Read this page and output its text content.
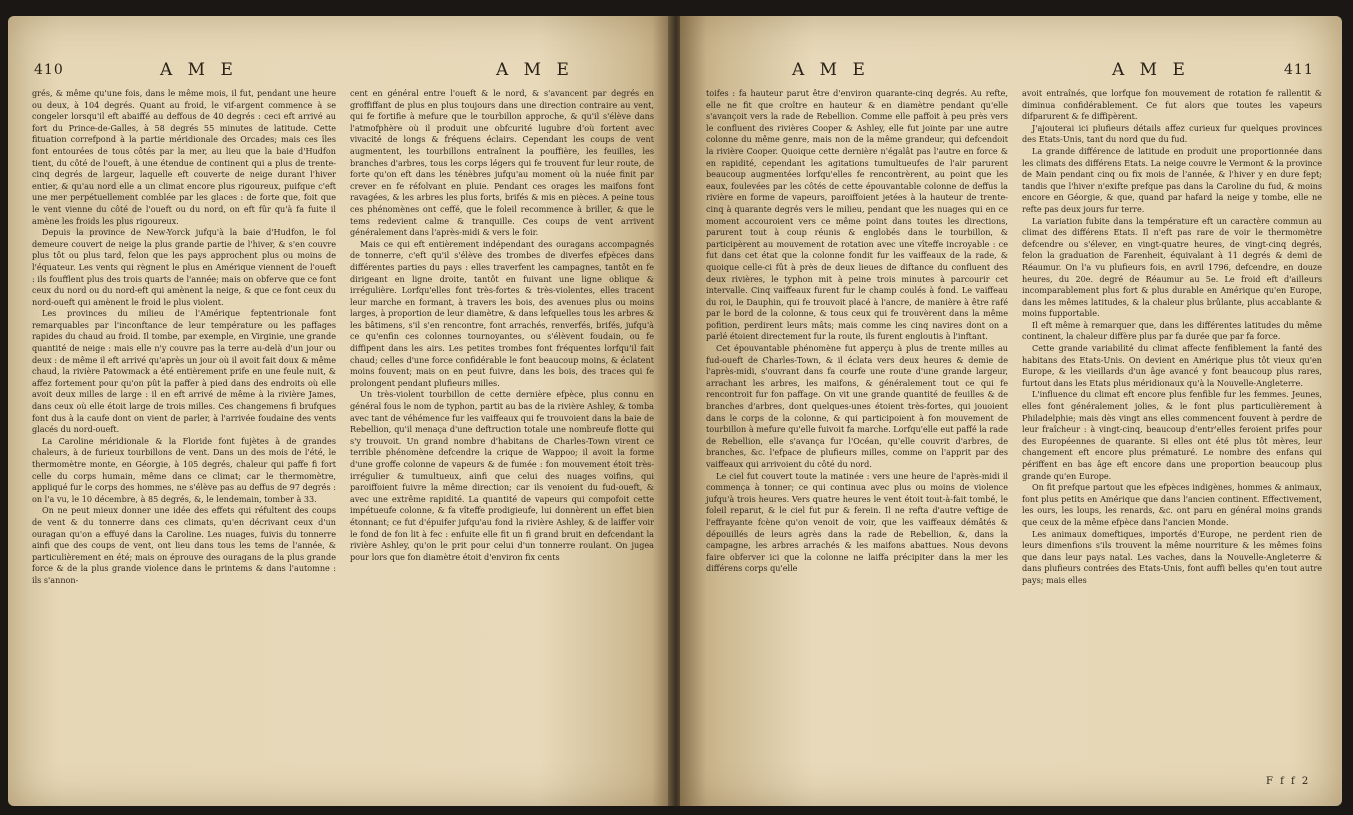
410	A M E	A M E

grés, & même qu'une fois, dans le même mois, il fut, pendant une heure ou deux, à 104 degrés. Quant au froid, le vif-argent commence à se congeler lorsqu'il eft abaiffé au deffous de 40 degrés : ceci eft arrivé au fort du Prince-de-Galles, à 58 degrés 55 minutes de latitude. Cette fituation correfpond à la partie méridionale des Orcades; mais ces îles font entourées de tous côtés par la mer, au lieu que la baie d'Hudfon tient, du côté de l'oueft, à une étendue de continent qui a plus de trente-cinq degrés de largeur, laquelle eft couverte de neige durant l'hiver entier, & qu'au nord elle a un climat encore plus rigoureux, puifque c'eft une mer perpétuellement comblée par les glaces : de forte que, foit que le vent vienne du côté de l'oueft ou du nord, on eft fûr qu'à fa fuite il amène les froids les plus rigoureux.

Depuis la province de New-Yorck jufqu'à la baie d'Hudfon, le fol demeure couvert de neige la plus grande partie de l'hiver, & s'en couvre plus tôt ou plus tard, felon que les pays approchent plus ou moins de l'équateur. Les vents qui règnent le plus en Amérique viennent de l'oueft : ils foufflent plus des trois quarts de l'année; mais on obferve que ce font ceux du nord ou du nord-eft qui amènent la neige, & que ce font ceux du nord-oueft qui amènent le froid le plus violent.

Les provinces du milieu de l'Amérique feptentrionale font remarquables par l'inconftance de leur température ou les paffages rapides du chaud au froid. Il tombe, par exemple, en Virginie, une grande quantité de neige : mais elle n'y couvre pas la terre au-delà d'un jour ou deux : de même il eft arrivé qu'après un jour où il avoit fait doux & même chaud, la rivière Patowmack a été entièrement prife en une feule nuit, & affez fortement pour qu'on pût la paffer à pied dans des endroits où elle avoit deux milles de large : il en eft arrivé de même à la rivière James, dans ceux où elle étoit large de trois milles. Ces changemens fi brufques font dus à la caufe dont on vient de parler, à l'arrivée foudaine des vents glacés du nord-oueft.

La Caroline méridionale & la Floride font fujètes à de grandes chaleurs, à de furieux tourbillons de vent. Dans un des mois de l'été, le thermomètre monte, en Géorgie, à 105 degrés, chaleur qui paffe fi fort celle du corps humain, même dans ce climat; car le thermomètre, appliqué fur le corps des hommes, ne s'élève pas au deffus de 97 degrés : on l'a vu, le 10 décembre, à 85 degrés, &, le lendemain, tomber à 33.

On ne peut mieux donner une idée des effets qui réfultent des coups de vent & du tonnerre dans ces climats, qu'en décrivant ceux d'un ouragan qu'on a effuyé dans la Caroline. Les nuages, fuivis du tonnerre ainfi que des coups de vent, ont lieu dans tous les tems de l'année, & particulièrement en été; mais on éprouve des ouragans de la plus grande force & de la plus grande violence dans le printems & dans l'automne : ils s'annon-

cent en général entre l'oueft & le nord, & s'avancent par degrés en groffiffant de plus en plus toujours dans une direction contraire au vent, qui fe fortifie à mefure que le tourbillon approche, & qu'il s'élève dans l'atmofphère où il produit une obfcurité lugubre d'où fortent avec vivacité de longs & fréquens éclairs. Cependant les coups de vent augmentent, les tourbillons entraînent la pouffière, les feuilles, les branches d'arbres, tous les corps légers qui fe trouvent fur leur route, de forte qu'on eft dans les ténèbres jufqu'au moment où la nuée finit par crever en fe réfolvant en pluie. Pendant ces orages les maifons font ravagées, & les arbres les plus forts, brifés & mis en pièces. A peine tous ces phénomènes ont ceffé, que le foleil recommence à briller, & que le tems redevient calme & tranquille. Ces coups de vent arrivent généralement dans l'après-midi & vers le foir.

Mais ce qui eft entièrement indépendant des ouragans accompagnés de tonnerre, c'eft qu'il s'élève des trombes de diverfes efpèces dans différentes parties du pays : elles traverfent les campagnes, tantôt en fe dirigeant en ligne droite, tantôt en fuivant une ligne oblique & irrégulière. Lorfqu'elles font très-fortes & très-violentes, elles tracent leur marche en formant, à travers les bois, des avenues plus ou moins larges, à proportion de leur diamètre, & dans lefquelles tous les arbres & les bâtimens, s'il s'en rencontre, font arrachés, renverfés, brifés, jufqu'à ce qu'enfin ces colonnes tournoyantes, ou s'élèvent foudain, ou fe diffipent dans les airs. Les petites trombes font fréquentes lorfqu'il fait chaud; celles d'une force confidérable le font beaucoup moins, & éclatent moins fouvent; mais on en peut fuivre, dans les bois, des traces qui fe prolongent pendant plufieurs milles.

Un très-violent tourbillon de cette dernière efpèce, plus connu en général fous le nom de typhon, partit au bas de la rivière Ashley, & tomba avec tant de véhémence fur les vaiffeaux qui fe trouvoient dans la baie de Rebellion, qu'il menaça d'une deftruction totale une nombreufe flotte qui s'y trouvoit. Un grand nombre d'habitans de Charles-Town virent ce terrible phénomène defcendre la crique de Wappoo; il avoit la forme d'une groffe colonne de vapeurs & de fumée : fon mouvement étoit très-irrégulier & tumultueux, ainfi que celui des nuages voifins, qui paroiffoient fuivre la même direction; car ils venoient du fud-oueft, & avec une extrême rapidité. La quantité de vapeurs qui compofoit cette impétueufe colonne, & fa vîteffe prodigieufe, lui donnèrent un effet bien étonnant; ce fut d'épuifer jufqu'au fond la rivière Ashley, & de laiffer voir le fond de fon lit à fec : enfuite elle fit un fi grand bruit en defcendant la rivière Ashley, qu'on le prit pour celui d'un tonnerre roulant. On jugea pour lors que fon diamètre étoit d'environ fix cents

A M E	A M E	411

toifes : fa hauteur parut être d'environ quarante-cinq degrés. Au refte, elle ne fit que croître en hauteur & en diamètre pendant qu'elle s'avançoit vers la rade de Rebellion. Comme elle paffoit à peu près vers le confluent des rivières Cooper & Ashley, elle fut jointe par une autre colonne du même genre, mais non de la même grandeur, qui defcendoit la rivière Cooper. Quoique cette dernière n'égalât pas l'autre en force & en rapidité, cependant les agitations tumultueufes de l'air parurent beaucoup augmentées lorfqu'elles fe rencontrèrent, au point que les eaux, foulevées par les côtés de cette épouvantable colonne de deffus la rivière en forme de vapeurs, paroiffoient jetées à la hauteur de trente-cinq à quarante degrés vers le milieu, pendant que les nuages qui en ce moment accouroient vers ce même point dans toutes les directions, parurent tout à coup réunis & englobés dans le tourbillon, & participèrent au mouvement de rotation avec une vîteffe incroyable : ce fut dans cet état que la colonne fondit fur les vaiffeaux de la rade, & quoique celle-ci fût à près de deux lieues de diftance du confluent des deux rivières, le typhon mit à peine trois minutes à parcourir cet intervalle. Cinq vaiffeaux furent fur le champ coulés à fond. Le vaiffeau du roi, le Dauphin, qui fe trouvoit placé à l'ancre, de manière à être rafé par le bord de la colonne, & tous ceux qui fe trouvèrent dans la même pofition, perdirent leurs mâts; mais comme les cinq navires dont on a parlé étoient directement fur la route, ils furent engloutis à l'inftant.

Cet épouvantable phénomène fut apperçu à plus de trente milles au fud-oueft de Charles-Town, & il éclata vers deux heures & demie de l'après-midi, s'ouvrant dans fa courfe une route d'une grande largeur, arrachant les arbres, les maifons, & généralement tout ce qui fe rencontroit fur fon paffage. On vit une grande quantité de feuilles & de branches d'arbres, dont quelques-unes étoient très-fortes, qui jouoient dans le corps de la colonne, & qui participoient à fon mouvement de tourbillon à mefure qu'elle fuivoit fa marche. Lorfqu'elle eut paffé la rade de Rebellion, elle s'avança fur l'Océan, qu'elle couvrit d'arbres, de branches, &c. l'efpace de plufieurs milles, comme on l'apprit par des vaiffeaux qui arrivoient du côté du nord.

Le ciel fut couvert toute la matinée : vers une heure de l'après-midi il commença à tonner; ce qui continua avec plus ou moins de violence jufqu'à trois heures. Vers quatre heures le vent étoit tout-à-fait tombé, le foleil reparut, & le ciel fut pur & ferein. Il ne refta d'autre veftige de l'effrayante fcène qu'on venoit de voir, que les vaiffeaux démâtés & dépouillés de leurs agrès dans la rade de Rebellion, &, dans la campagne, les arbres arrachés & les maifons abattues. Nous devons faire obferver ici que la colonne ne laiffa précipiter dans la mer les différens corps qu'elle

avoit entraînés, que lorfque fon mouvement de rotation fe rallentit & diminua confidérablement. Ce fut alors que toutes les vapeurs difparurent & fe diffipèrent.

J'ajouterai ici plufieurs détails affez curieux fur quelques provinces des Etats-Unis, tant du nord que du fud.

La grande différence de latitude en produit une proportionnée dans les climats des différens Etats. La neige couvre le Vermont & la province de Main pendant cinq ou fix mois de l'année, & l'hiver y en dure fept; tandis que l'hiver n'exifte prefque pas dans la Caroline du fud, & moins encore en Géorgie, & que, quand par hafard la neige y tombe, elle ne refte pas deux jours fur terre.

La variation fubite dans la température eft un caractère commun au climat des différens Etats. Il n'eft pas rare de voir le thermomètre defcendre ou s'élever, en vingt-quatre heures, de vingt-cinq degrés, felon la graduation de Farenheit, équivalant à 11 degrés & demi de Réaumur. On l'a vu plufieurs fois, en avril 1796, defcendre, en douze heures, du 20e. degré de Réaumur au 5e. Le froid eft d'ailleurs incomparablement plus fort & plus durable en Amérique qu'en Europe, dans les mêmes latitudes, & la chaleur plus brûlante, plus accablante & moins fupportable.

Il eft même à remarquer que, dans les différentes latitudes du même continent, la chaleur diffère plus par fa durée que par fa force.

Cette grande variabilité du climat affecte fenfiblement la fanté des habitans des Etats-Unis. On devient en Amérique plus tôt vieux qu'en Europe, & les vieillards d'un âge avancé y font beaucoup plus rares, furtout dans les Etats plus méridionaux qu'à la Nouvelle-Angleterre.

L'influence du climat eft encore plus fenfible fur les femmes. Jeunes, elles font généralement jolies, & le font plus particulièrement à Philadelphie; mais dès vingt ans elles commencent fouvent à perdre de leur fraîcheur : à vingt-cinq, beaucoup d'entr'elles feroient prifes pour des Européennes de quarante. Si elles ont été plus tôt mères, leur changement eft encore plus prématuré. Le nombre des enfans qui périffent en bas âge eft encore dans une proportion beaucoup plus grande qu'en Europe.

On fit prefque partout que les efpèces indigènes, hommes & animaux, font plus petits en Amérique que dans l'ancien continent. Effectivement, les ours, les loups, les renards, &c. ont paru en général moins grands que ceux de la même efpèce dans l'ancien Monde.

Les animaux domeftiques, importés d'Europe, ne perdent rien de leurs dimenfions s'ils trouvent la même nourriture & les mêmes foins que dans leur pays natal. Les vaches, dans la Nouvelle-Angleterre & dans plufieurs contrées des Etats-Unis, font auffi belles qu'en tout autre pays; mais elles

F f f 2
